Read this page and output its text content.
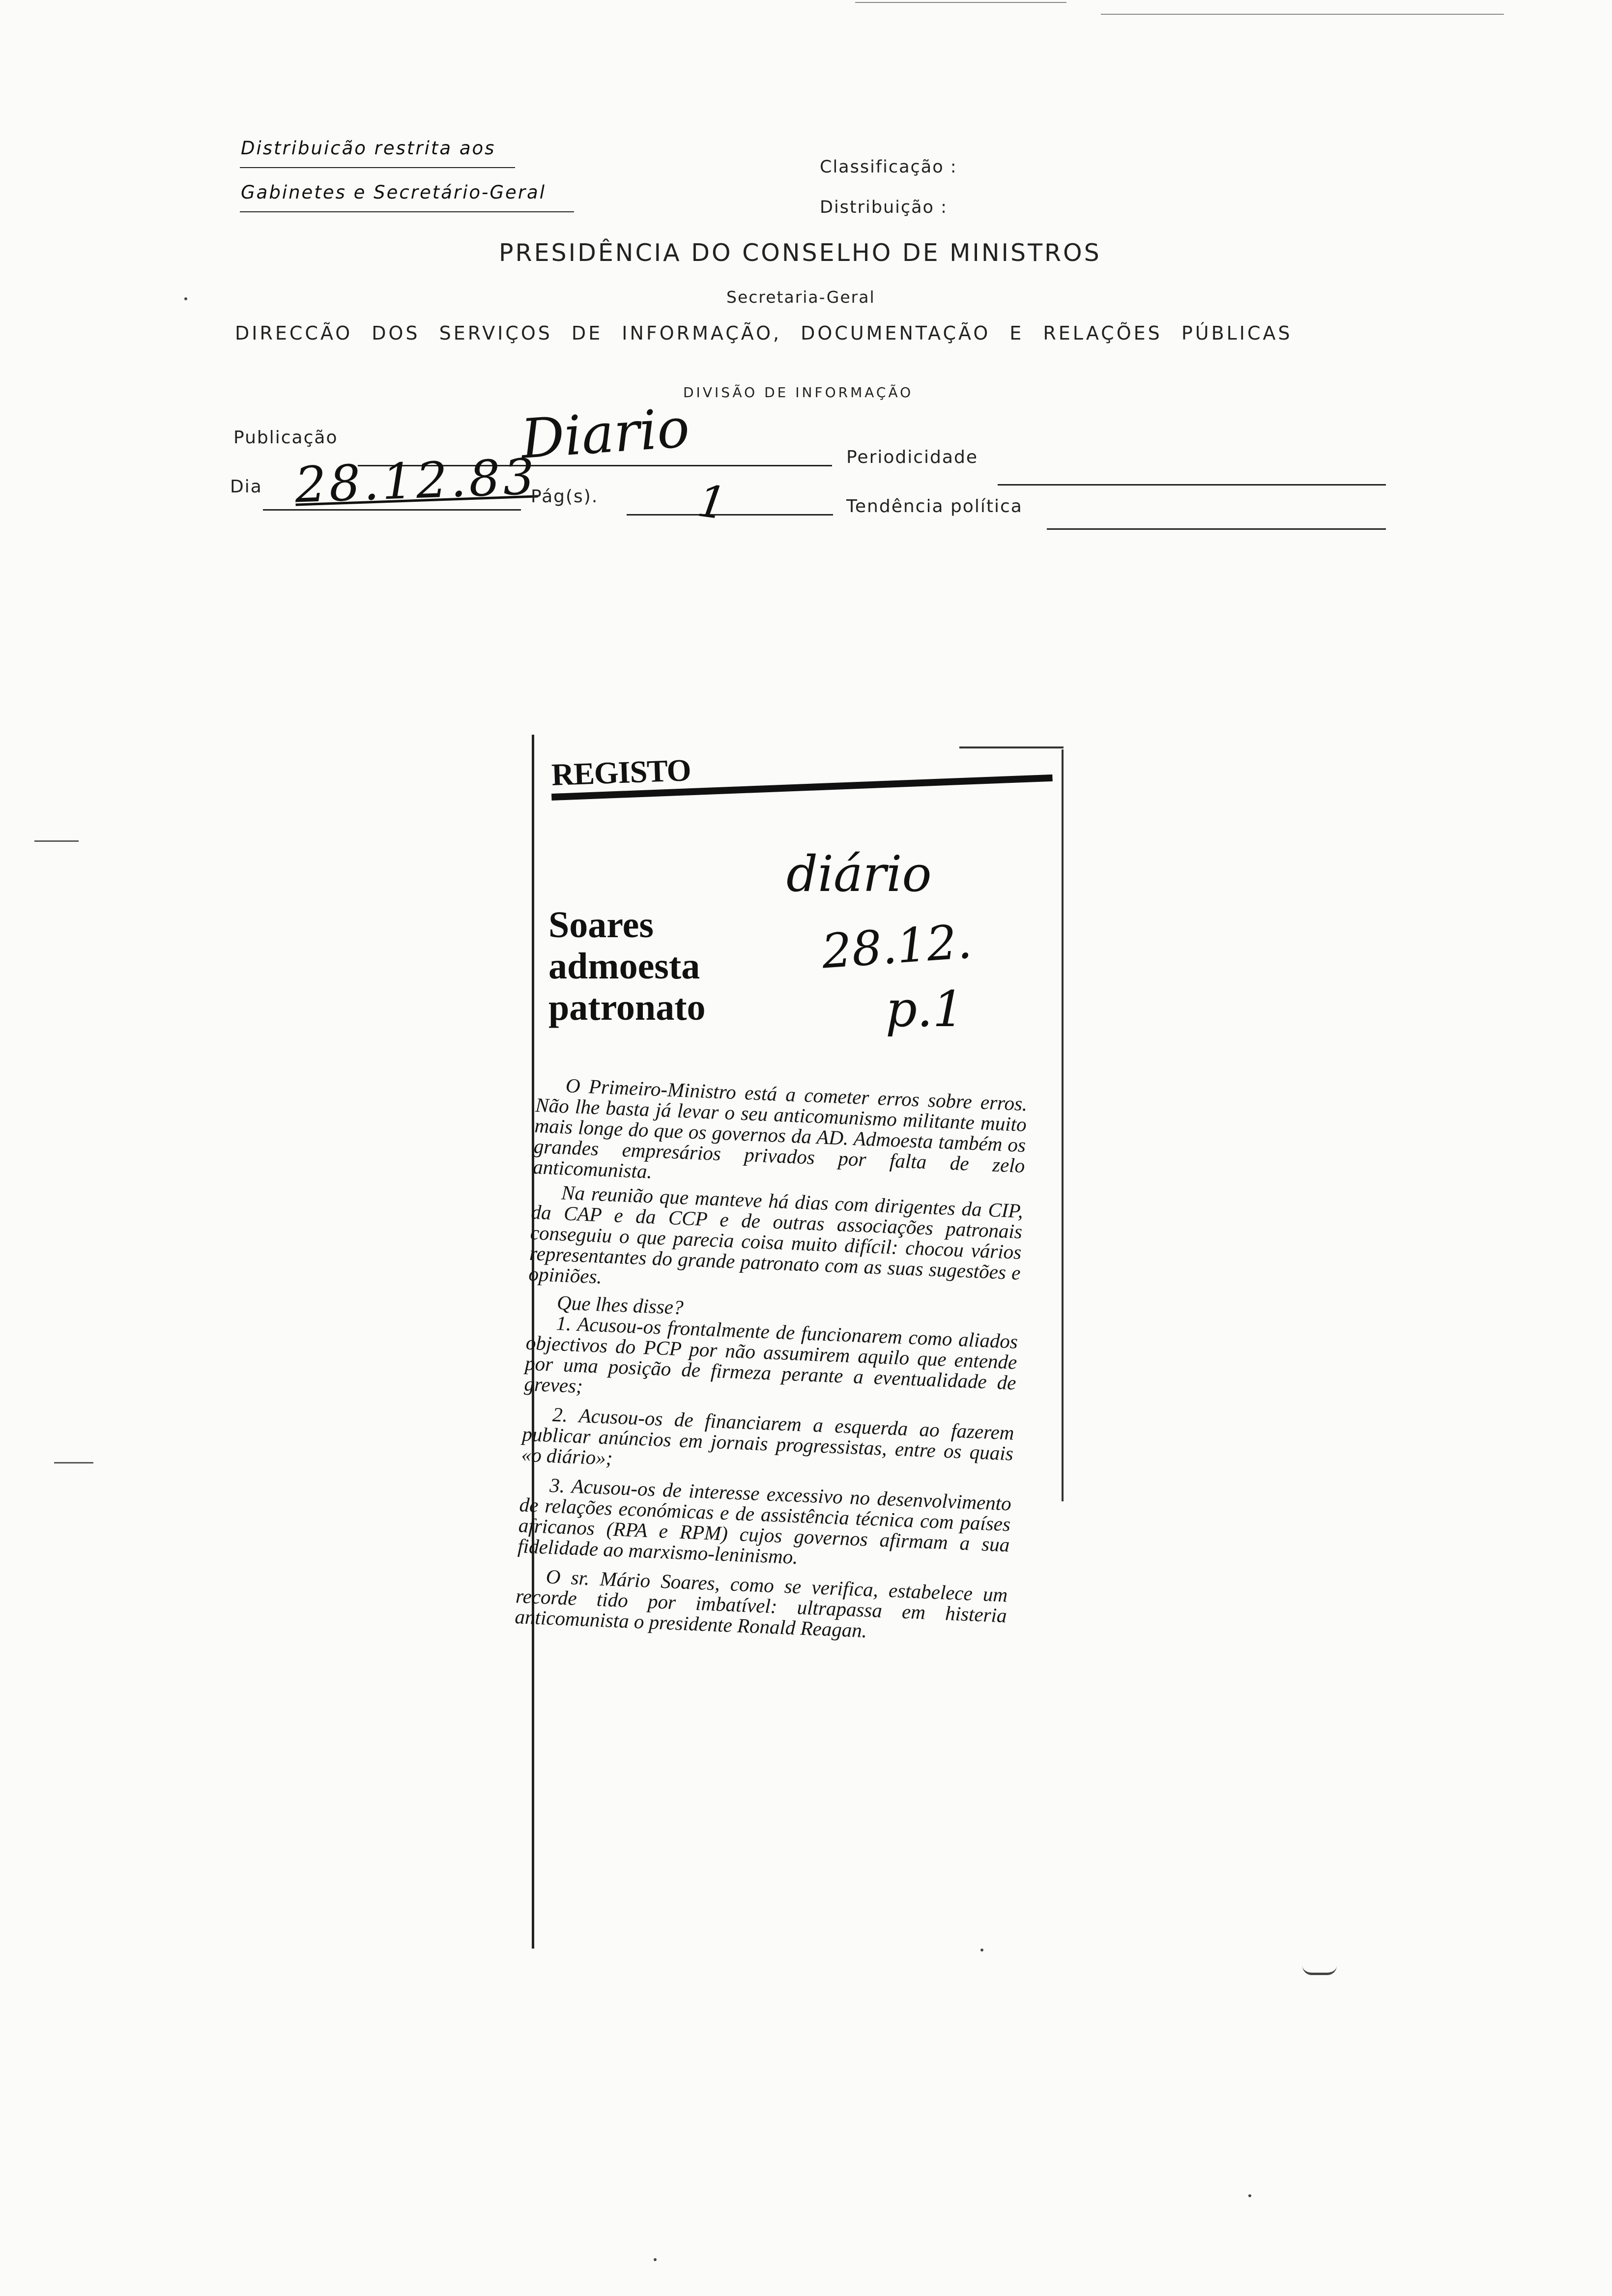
Distribuicão restrita aos
Gabinetes e Secretário-Geral
Classificação :
Distribuição :
PRESIDÊNCIA DO CONSELHO DE MINISTROS
Secretaria-Geral
DIRECCÃO DOS SERVIÇOS DE INFORMAÇÃO, DOCUMENTAÇÃO E RELAÇÕES PÚBLICAS
DIVISÃO DE INFORMAÇÃO
Publicação	Diario	Periodicidade
Dia 28.12.83
Pág(s). 1	Tendência política
REGISTO
diário
28.12.
p.1
Soares
admoesta
patronato

O Primeiro-Ministro está a cometer erros sobre erros. Não lhe basta já levar o seu anticomunismo militante muito mais longe do que os governos da AD. Admoesta também os grandes empresários privados por falta de zelo anticomunista.

Na reunião que manteve há dias com dirigentes da CIP, da CAP e da CCP e de outras associações patronais conseguiu o que parecia coisa muito difícil: chocou vários representantes do grande patronato com as suas sugestões e opiniões.

Que lhes disse?

1. Acusou-os frontalmente de funcionarem como aliados objectivos do PCP por não assumirem aquilo que entende por uma posição de firmeza perante a eventualidade de greves;

2. Acusou-os de financiarem a esquerda ao fazerem publicar anúncios em jornais progressistas, entre os quais «o diário»;

3. Acusou-os de interesse excessivo no desenvolvimento de relações económicas e de assistência técnica com países africanos (RPA e RPM) cujos governos afirmam a sua fidelidade ao marxismo-leninismo.

O sr. Mário Soares, como se verifica, estabelece um recorde tido por imbatível: ultrapassa em histeria anticomunista o presidente Ronald Reagan.
